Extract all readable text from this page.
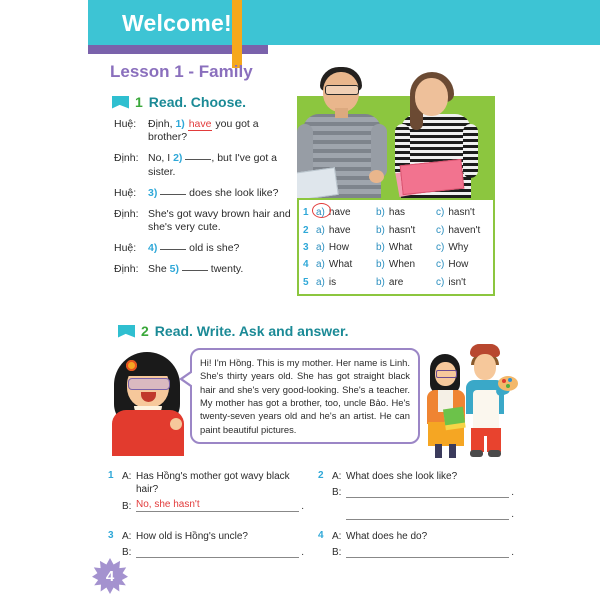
Welcome!
Lesson 1 - Family
1 Read. Choose.
Huệ:	Định, 1) have you got a brother?
Định: No, I 2) , but I've got a sister.
Huệ:	3)  does she look like?
Định: She's got wavy brown hair and she's very cute.
Huệ:	4)  old is she?
Định: She 5)  twenty.
1 a) have	b) has	c) hasn't
2 a) have	b) hasn't c) haven't
3 a) How	b) What c) Why
4 a) What b) When c) How
5 a) is	b) are	c) isn't
2 Read. Write. Ask and answer.
Hi! I'm Hồng. This is my mother. Her name is Linh. She's thirty years old. She has got straight black hair and she's very good-looking. She's a teacher. My mother has got a brother, too, uncle Bảo. He's twenty-seven years old and he's an artist. He can paint beautiful pictures.
1 A: Has Hồng's mother got wavy black hair?
B: No, she hasn't	.
2 A: What does she look like?
B:	.
.
3 A: How old is Hồng's uncle?
B:	.
4 A: What does he do?
B:	.
4
